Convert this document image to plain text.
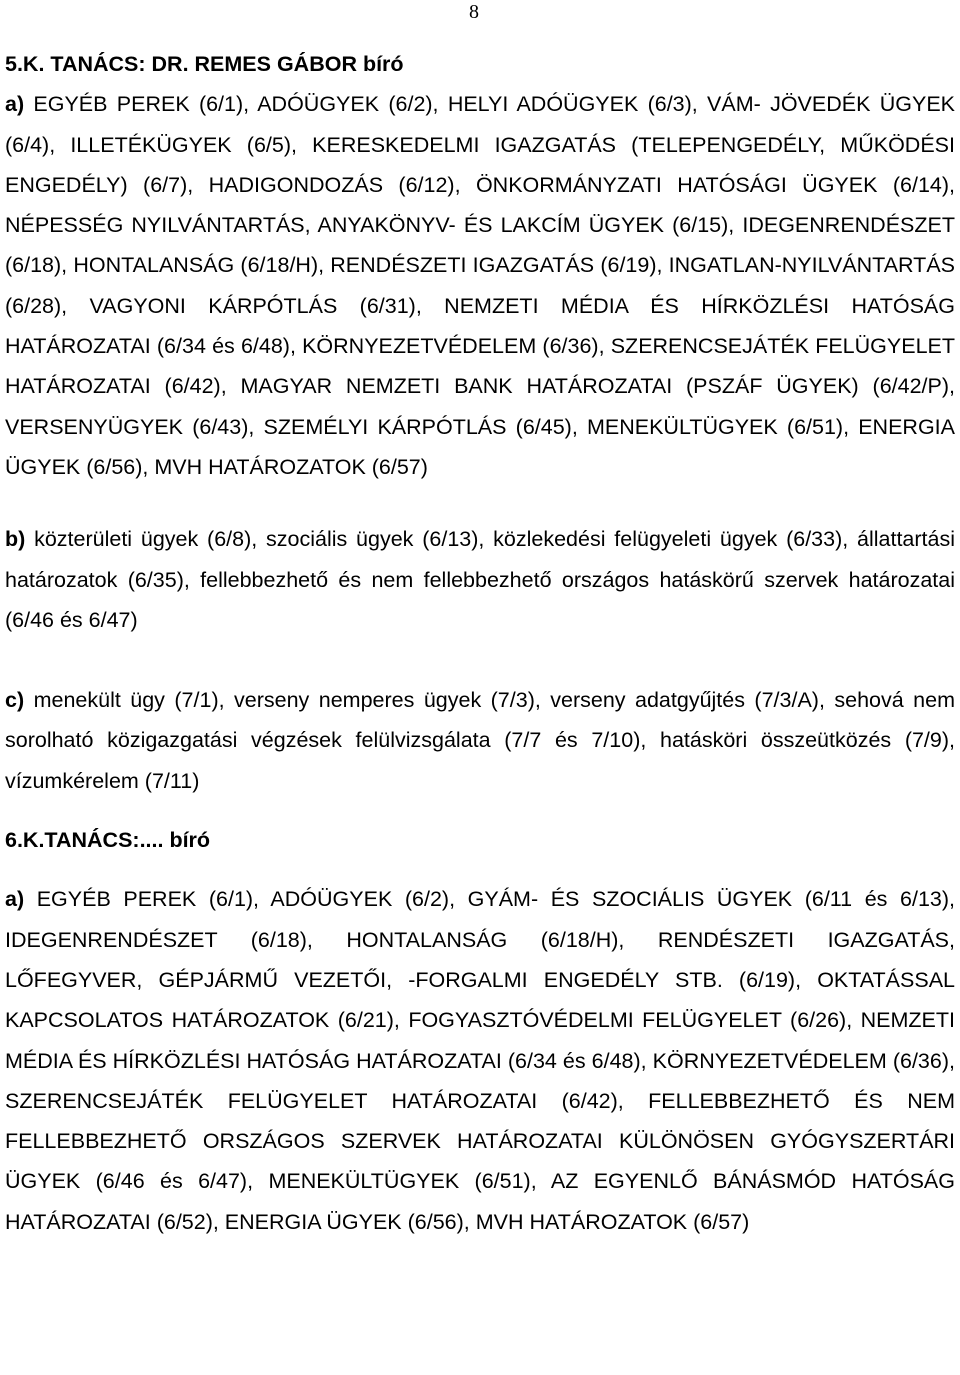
8

5.K. TANÁCS: DR. REMES GÁBOR bíró

a) EGYÉB PEREK (6/1), ADÓÜGYEK (6/2), HELYI ADÓÜGYEK (6/3), VÁM- JÖVEDÉK ÜGYEK (6/4), ILLETÉKÜGYEK (6/5), KERESKEDELMI IGAZGATÁS (TELEPENGEDÉLY, MŰKÖDÉSI ENGEDÉLY) (6/7), HADIGONDOZÁS (6/12), ÖNKORMÁNYZATI HATÓSÁGI ÜGYEK (6/14), NÉPESSÉG NYILVÁNTARTÁS, ANYAKÖNYV- ÉS LAKCÍM ÜGYEK (6/15), IDEGENRENDÉSZET (6/18), HONTALANSÁG (6/18/H), RENDÉSZETI IGAZGATÁS (6/19), INGATLAN-NYILVÁNTARTÁS (6/28), VAGYONI KÁRPÓTLÁS (6/31), NEMZETI MÉDIA ÉS HÍRKÖZLÉSI HATÓSÁG HATÁROZATAI (6/34 és 6/48), KÖRNYEZETVÉDELEM (6/36), SZERENCSEJÁTÉK FELÜGYELET HATÁROZATAI (6/42), MAGYAR NEMZETI BANK HATÁROZATAI (PSZÁF ÜGYEK) (6/42/P), VERSENYÜGYEK (6/43), SZEMÉLYI KÁRPÓTLÁS (6/45), MENEKÜLTÜGYEK (6/51), ENERGIA ÜGYEK (6/56), MVH HATÁROZATOK (6/57)

b) közterületi ügyek (6/8), szociális ügyek (6/13), közlekedési felügyeleti ügyek (6/33), állattartási határozatok (6/35), fellebbezhető és nem fellebbezhető országos hatáskörű szervek határozatai (6/46 és 6/47)

c) menekült ügy (7/1), verseny nemperes ügyek (7/3), verseny adatgyűjtés (7/3/A), sehová nem sorolható közigazgatási végzések felülvizsgálata (7/7 és 7/10), hatásköri összeütközés (7/9), vízumkérelem (7/11)

6.K.TANÁCS:.... bíró

a) EGYÉB PEREK (6/1), ADÓÜGYEK (6/2), GYÁM- ÉS SZOCIÁLIS ÜGYEK (6/11 és 6/13), IDEGENRENDÉSZET (6/18), HONTALANSÁG (6/18/H), RENDÉSZETI IGAZGATÁS, LŐFEGYVER, GÉPJÁRMŰ VEZETŐI, -FORGALMI ENGEDÉLY STB. (6/19), OKTATÁSSAL KAPCSOLATOS HATÁROZATOK (6/21), FOGYASZTÓVÉDELMI FELÜGYELET (6/26), NEMZETI MÉDIA ÉS HÍRKÖZLÉSI HATÓSÁG HATÁROZATAI (6/34 és 6/48), KÖRNYEZETVÉDELEM (6/36), SZERENCSEJÁTÉK FELÜGYELET HATÁROZATAI (6/42), FELLEBBEZHETŐ ÉS NEM FELLEBBEZHETŐ ORSZÁGOS SZERVEK HATÁROZATAI KÜLÖNÖSEN GYÓGYSZERTÁRI ÜGYEK (6/46 és 6/47), MENEKÜLTÜGYEK (6/51), AZ EGYENLŐ BÁNÁSMÓD HATÓSÁG HATÁROZATAI (6/52), ENERGIA ÜGYEK (6/56), MVH HATÁROZATOK (6/57)
